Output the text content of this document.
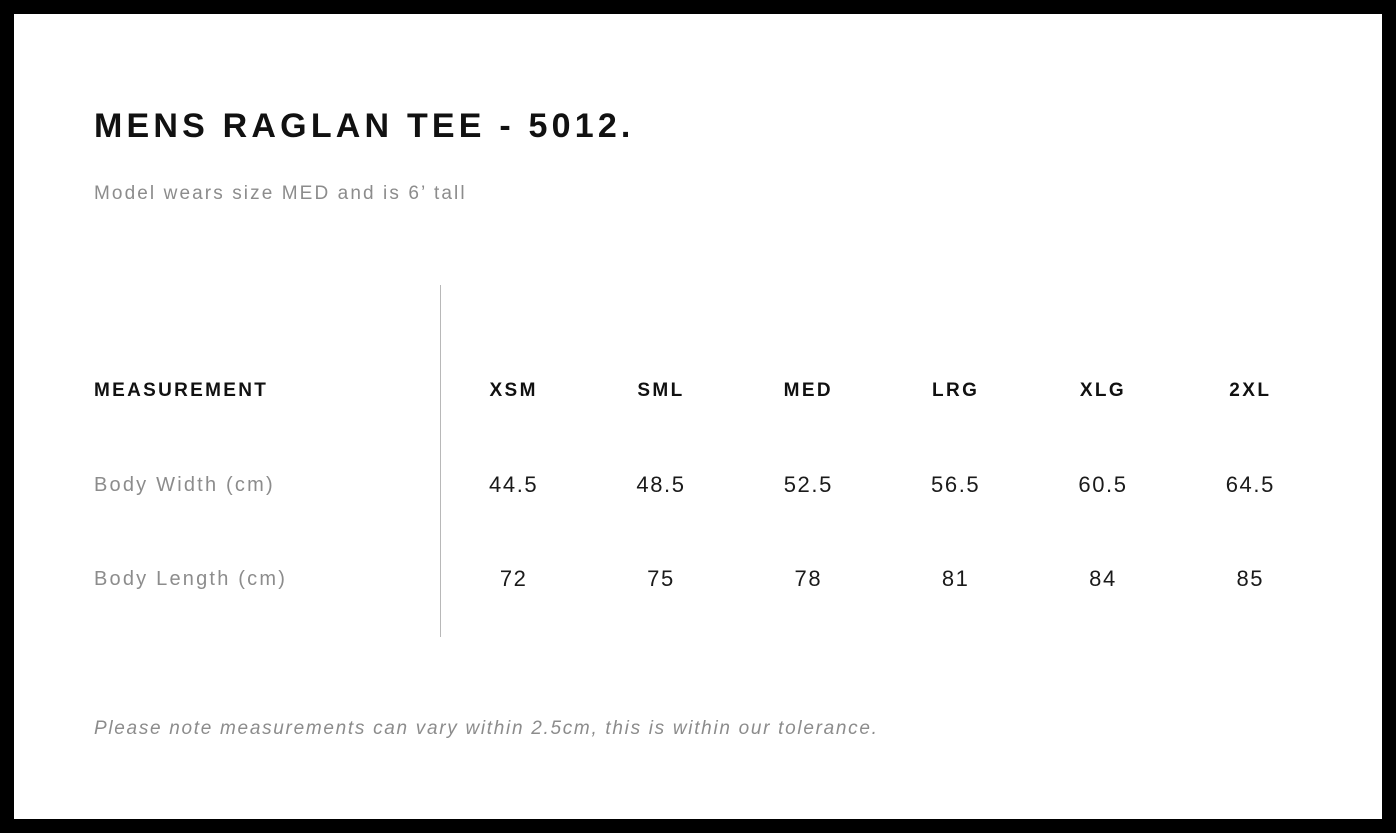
MENS RAGLAN TEE - 5012.
Model wears size MED and is 6’ tall
MEASUREMENT	XSM	SML	MED	LRG	XLG	2XL
Body Width (cm)	44.5	48.5	52.5	56.5	60.5	64.5
Body Length (cm)	72	75	78	81	84	85
Please note measurements can vary within 2.5cm, this is within our tolerance.
